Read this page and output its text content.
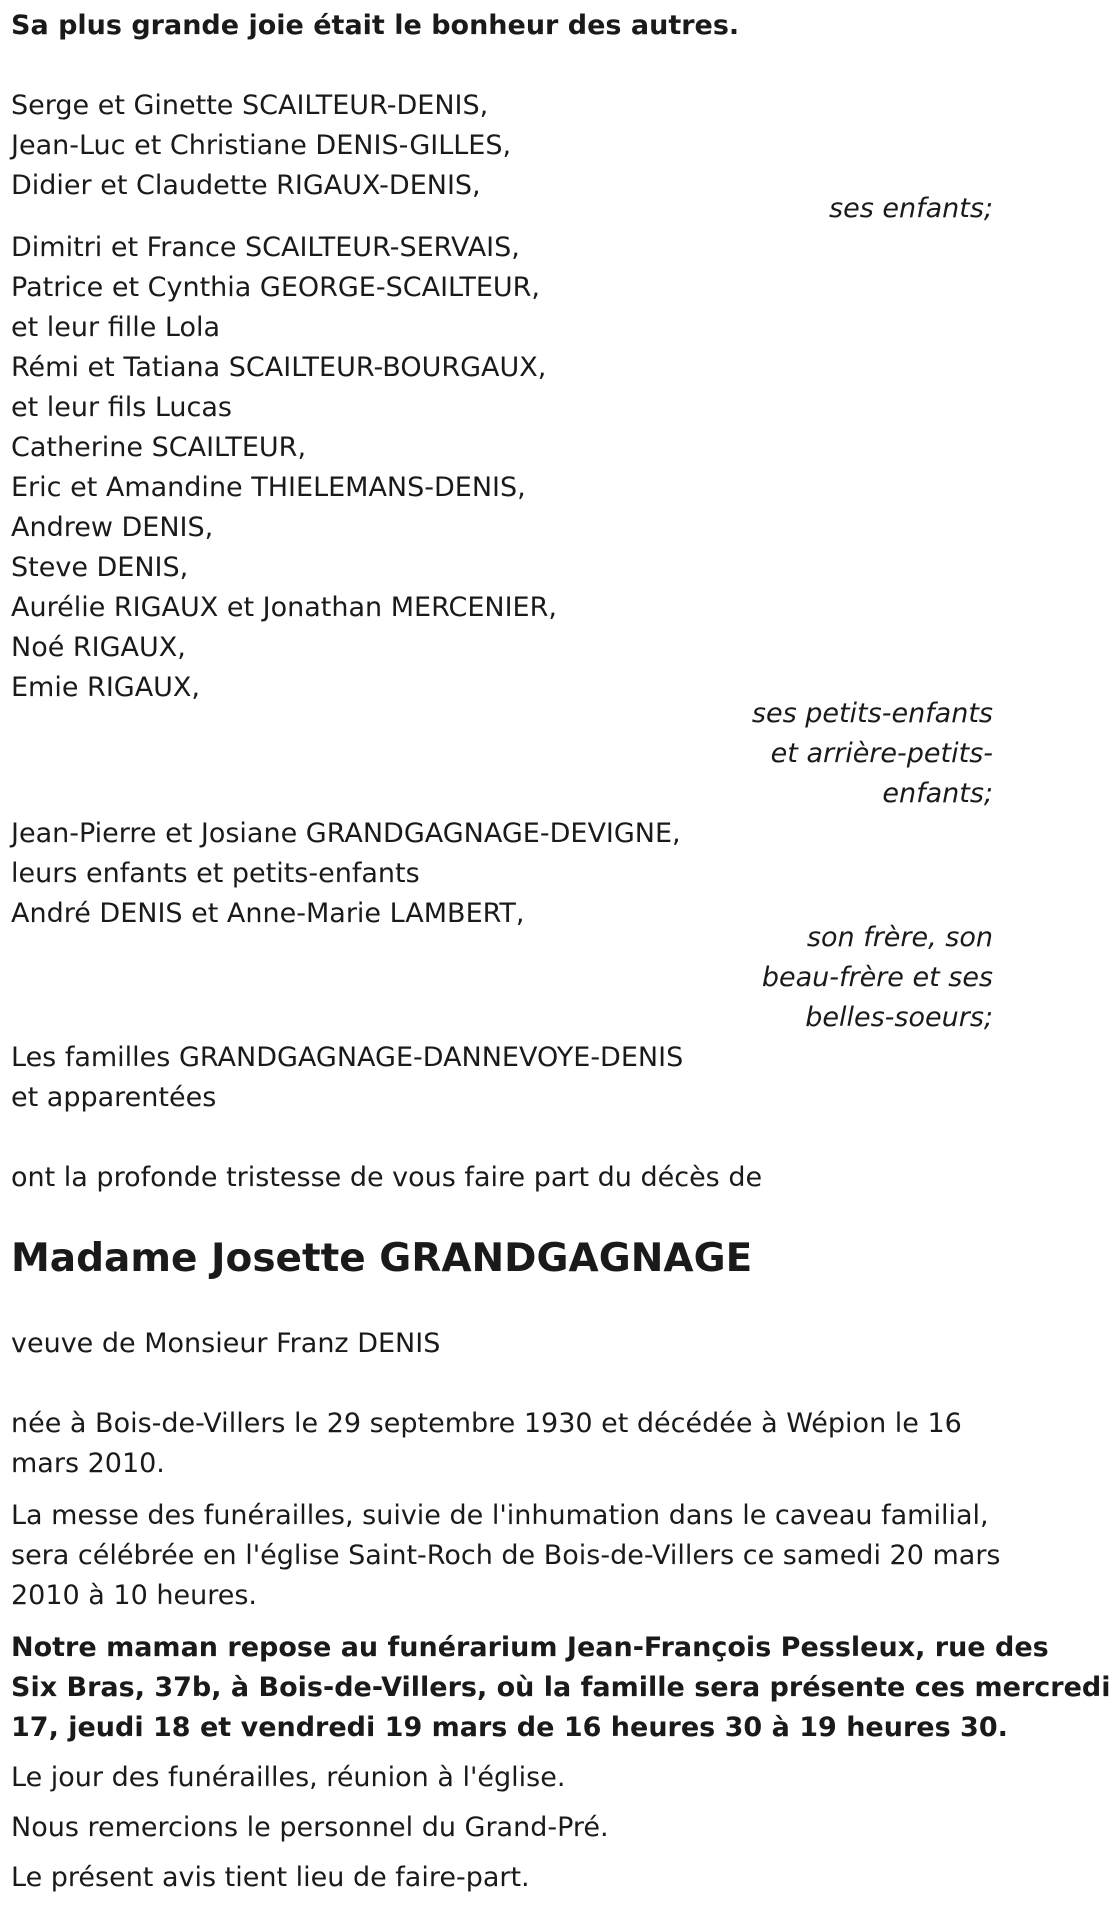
Sa plus grande joie était le bonheur des autres.
Serge et Ginette SCAILTEUR-DENIS,
Jean-Luc et Christiane DENIS-GILLES,
Didier et Claudette RIGAUX-DENIS,
ses enfants;
Dimitri et France SCAILTEUR-SERVAIS,
Patrice et Cynthia GEORGE-SCAILTEUR,
et leur fille Lola
Rémi et Tatiana SCAILTEUR-BOURGAUX,
et leur fils Lucas
Catherine SCAILTEUR,
Eric et Amandine THIELEMANS-DENIS,
Andrew DENIS,
Steve DENIS,
Aurélie RIGAUX et Jonathan MERCENIER,
Noé RIGAUX,
Emie RIGAUX,
ses petits-enfants
et arrière-petits-
enfants;
Jean-Pierre et Josiane GRANDGAGNAGE-DEVIGNE,
leurs enfants et petits-enfants
André DENIS et Anne-Marie LAMBERT,
son frère, son
beau-frère et ses
belles-soeurs;
Les familles GRANDGAGNAGE-DANNEVOYE-DENIS
et apparentées
ont la profonde tristesse de vous faire part du décès de
Madame Josette GRANDGAGNAGE
veuve de Monsieur Franz DENIS
née à Bois-de-Villers le 29 septembre 1930 et décédée à Wépion le 16
mars 2010.
La messe des funérailles, suivie de l'inhumation dans le caveau familial,
sera célébrée en l'église Saint-Roch de Bois-de-Villers ce samedi 20 mars
2010 à 10 heures.
Notre maman repose au funérarium Jean-François Pessleux, rue des
Six Bras, 37b, à Bois-de-Villers, où la famille sera présente ces mercredi
17, jeudi 18 et vendredi 19 mars de 16 heures 30 à 19 heures 30.
Le jour des funérailles, réunion à l'église.
Nous remercions le personnel du Grand-Pré.
Le présent avis tient lieu de faire-part.
